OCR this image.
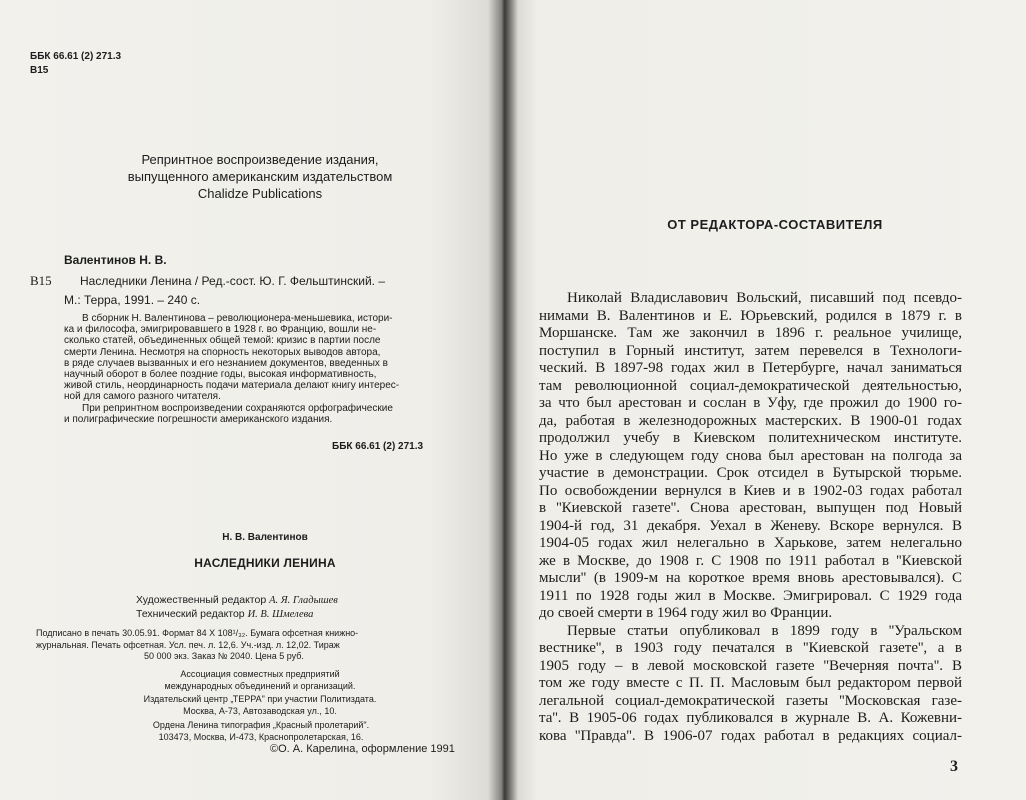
ББК 66.61 (2) 271.3
В15
Репринтное воспроизведение издания,
выпущенного американским издательством
Chalidze Publications
Валентинов Н. В.
В15	Наследники Ленина / Ред.-сост. Ю. Г. Фельштинский. –
М.: Терра, 1991. – 240 с.
В сборник Н. Валентинова – революционера-меньшевика, истори-
ка и философа, эмигрировавшего в 1928 г. во Францию, вошли не-
сколько статей, объединенных общей темой: кризис в партии после
смерти Ленина. Несмотря на спорность некоторых выводов автора,
в ряде случаев вызванных и его незнанием документов, введенных в
научный оборот в более поздние годы, высокая информативность,
живой стиль, неординарность подачи материала делают книгу интерес-
ной для самого разного читателя.
При репринтном воспроизведении сохраняются орфографические
и полиграфические погрешности американского издания.
ББК 66.61 (2) 271.3
Н. В. Валентинов
НАСЛЕДНИКИ ЛЕНИНА
Художественный редактор А. Я. Гладышев
Технический редактор И. В. Шмелева
Подписано в печать 30.05.91. Формат 84 X 108¹/₃₂. Бумага офсетная книжно-
журнальная. Печать офсетная. Усл. печ. л. 12,6. Уч.-изд. л. 12,02. Тираж
50 000 экз. Заказ № 2040. Цена 5 руб.
Ассоциация совместных предприятий
международных объединений и организаций.
Издательский центр „ТЕРРА" при участии Политиздата.
Москва, А-73, Автозаводская ул., 10.
Ордена Ленина типография „Красный пролетарий".
103473, Москва, И-473, Краснопролетарская, 16.
©О. А. Карелина, оформление 1991
ОТ РЕДАКТОРА-СОСТАВИТЕЛЯ
Николай Владиславович Вольский, писавший под псевдо-
нимами В. Валентинов и Е. Юрьевский, родился в 1879 г. в
Моршанске. Там же закончил в 1896 г. реальное училище,
поступил в Горный институт, затем перевелся в Технологи-
ческий. В 1897-98 годах жил в Петербурге, начал заниматься
там революционной социал-демократической деятельностью,
за что был арестован и сослан в Уфу, где прожил до 1900 го-
да, работая в железнодорожных мастерских. В 1900-01 годах
продолжил учебу в Киевском политехническом институте.
Но уже в следующем году снова был арестован на полгода за
участие в демонстрации. Срок отсидел в Бутырской тюрьме.
По освобождении вернулся в Киев и в 1902-03 годах работал
в ''Киевской газете''. Снова арестован, выпущен под Новый
1904-й год, 31 декабря. Уехал в Женеву. Вскоре вернулся. В
1904-05 годах жил нелегально в Харькове, затем нелегально
же в Москве, до 1908 г. С 1908 по 1911 работал в ''Киевской
мысли'' (в 1909-м на короткое время вновь арестовывался). С
1911 по 1928 годы жил в Москве. Эмигрировал. С 1929 года
до своей смерти в 1964 году жил во Франции.
Первые статьи опубликовал в 1899 году в ''Уральском
вестнике'', в 1903 году печатался в ''Киевской газете'', а в
1905 году – в левой московской газете ''Вечерняя почта''. В
том же году вместе с П. П. Масловым был редактором первой
легальной социал-демократической газеты ''Московская газе-
та''. В 1905-06 годах публиковался в журнале В. А. Кожевни-
кова ''Правда''. В 1906-07 годах работал в редакциях социал-
3
